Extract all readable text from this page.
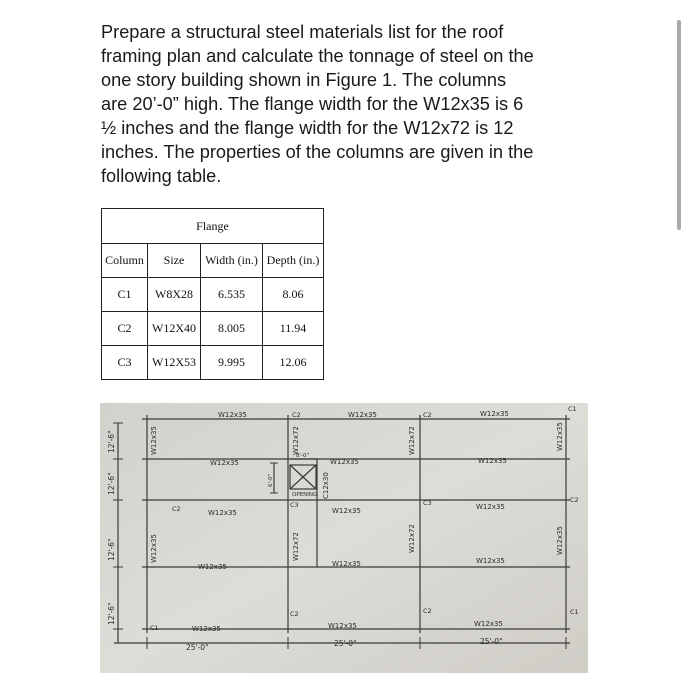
Prepare a structural steel materials list for the roof
framing plan and calculate the tonnage of steel on the
one story building shown in Figure 1. The columns
are 20’-0” high. The flange width for the W12x35 is 6
½ inches and the flange width for the W12x72 is 12
inches. The properties of the columns are given in the
following table.
Flange			
Column	Size	Width (in.)	Depth (in.)
C1	W8X28	6.535	8.06
C2	W12X40	8.005	11.94
C3	W12X53	9.995	12.06
W12x35	W12x35	W12x35
W12x35	W12x35	W12x35
W12x35	W12x35	W12x35
W12x35	W12x35	W12x35
W12x35	W12x35	W12x35
W12x35
W12x35
W12x72
W12x72
W12x72
W12x72
W12x35
W12x35
C12x30
C1
C2
C2
C3
C2
C2
C3
C2
C1
C2
C1
OPENING
8'-0"
6'-0"
25'-0"	25'-0"	25'-0"
12'-6"
12'-6"
12'-6"
12'-6"
